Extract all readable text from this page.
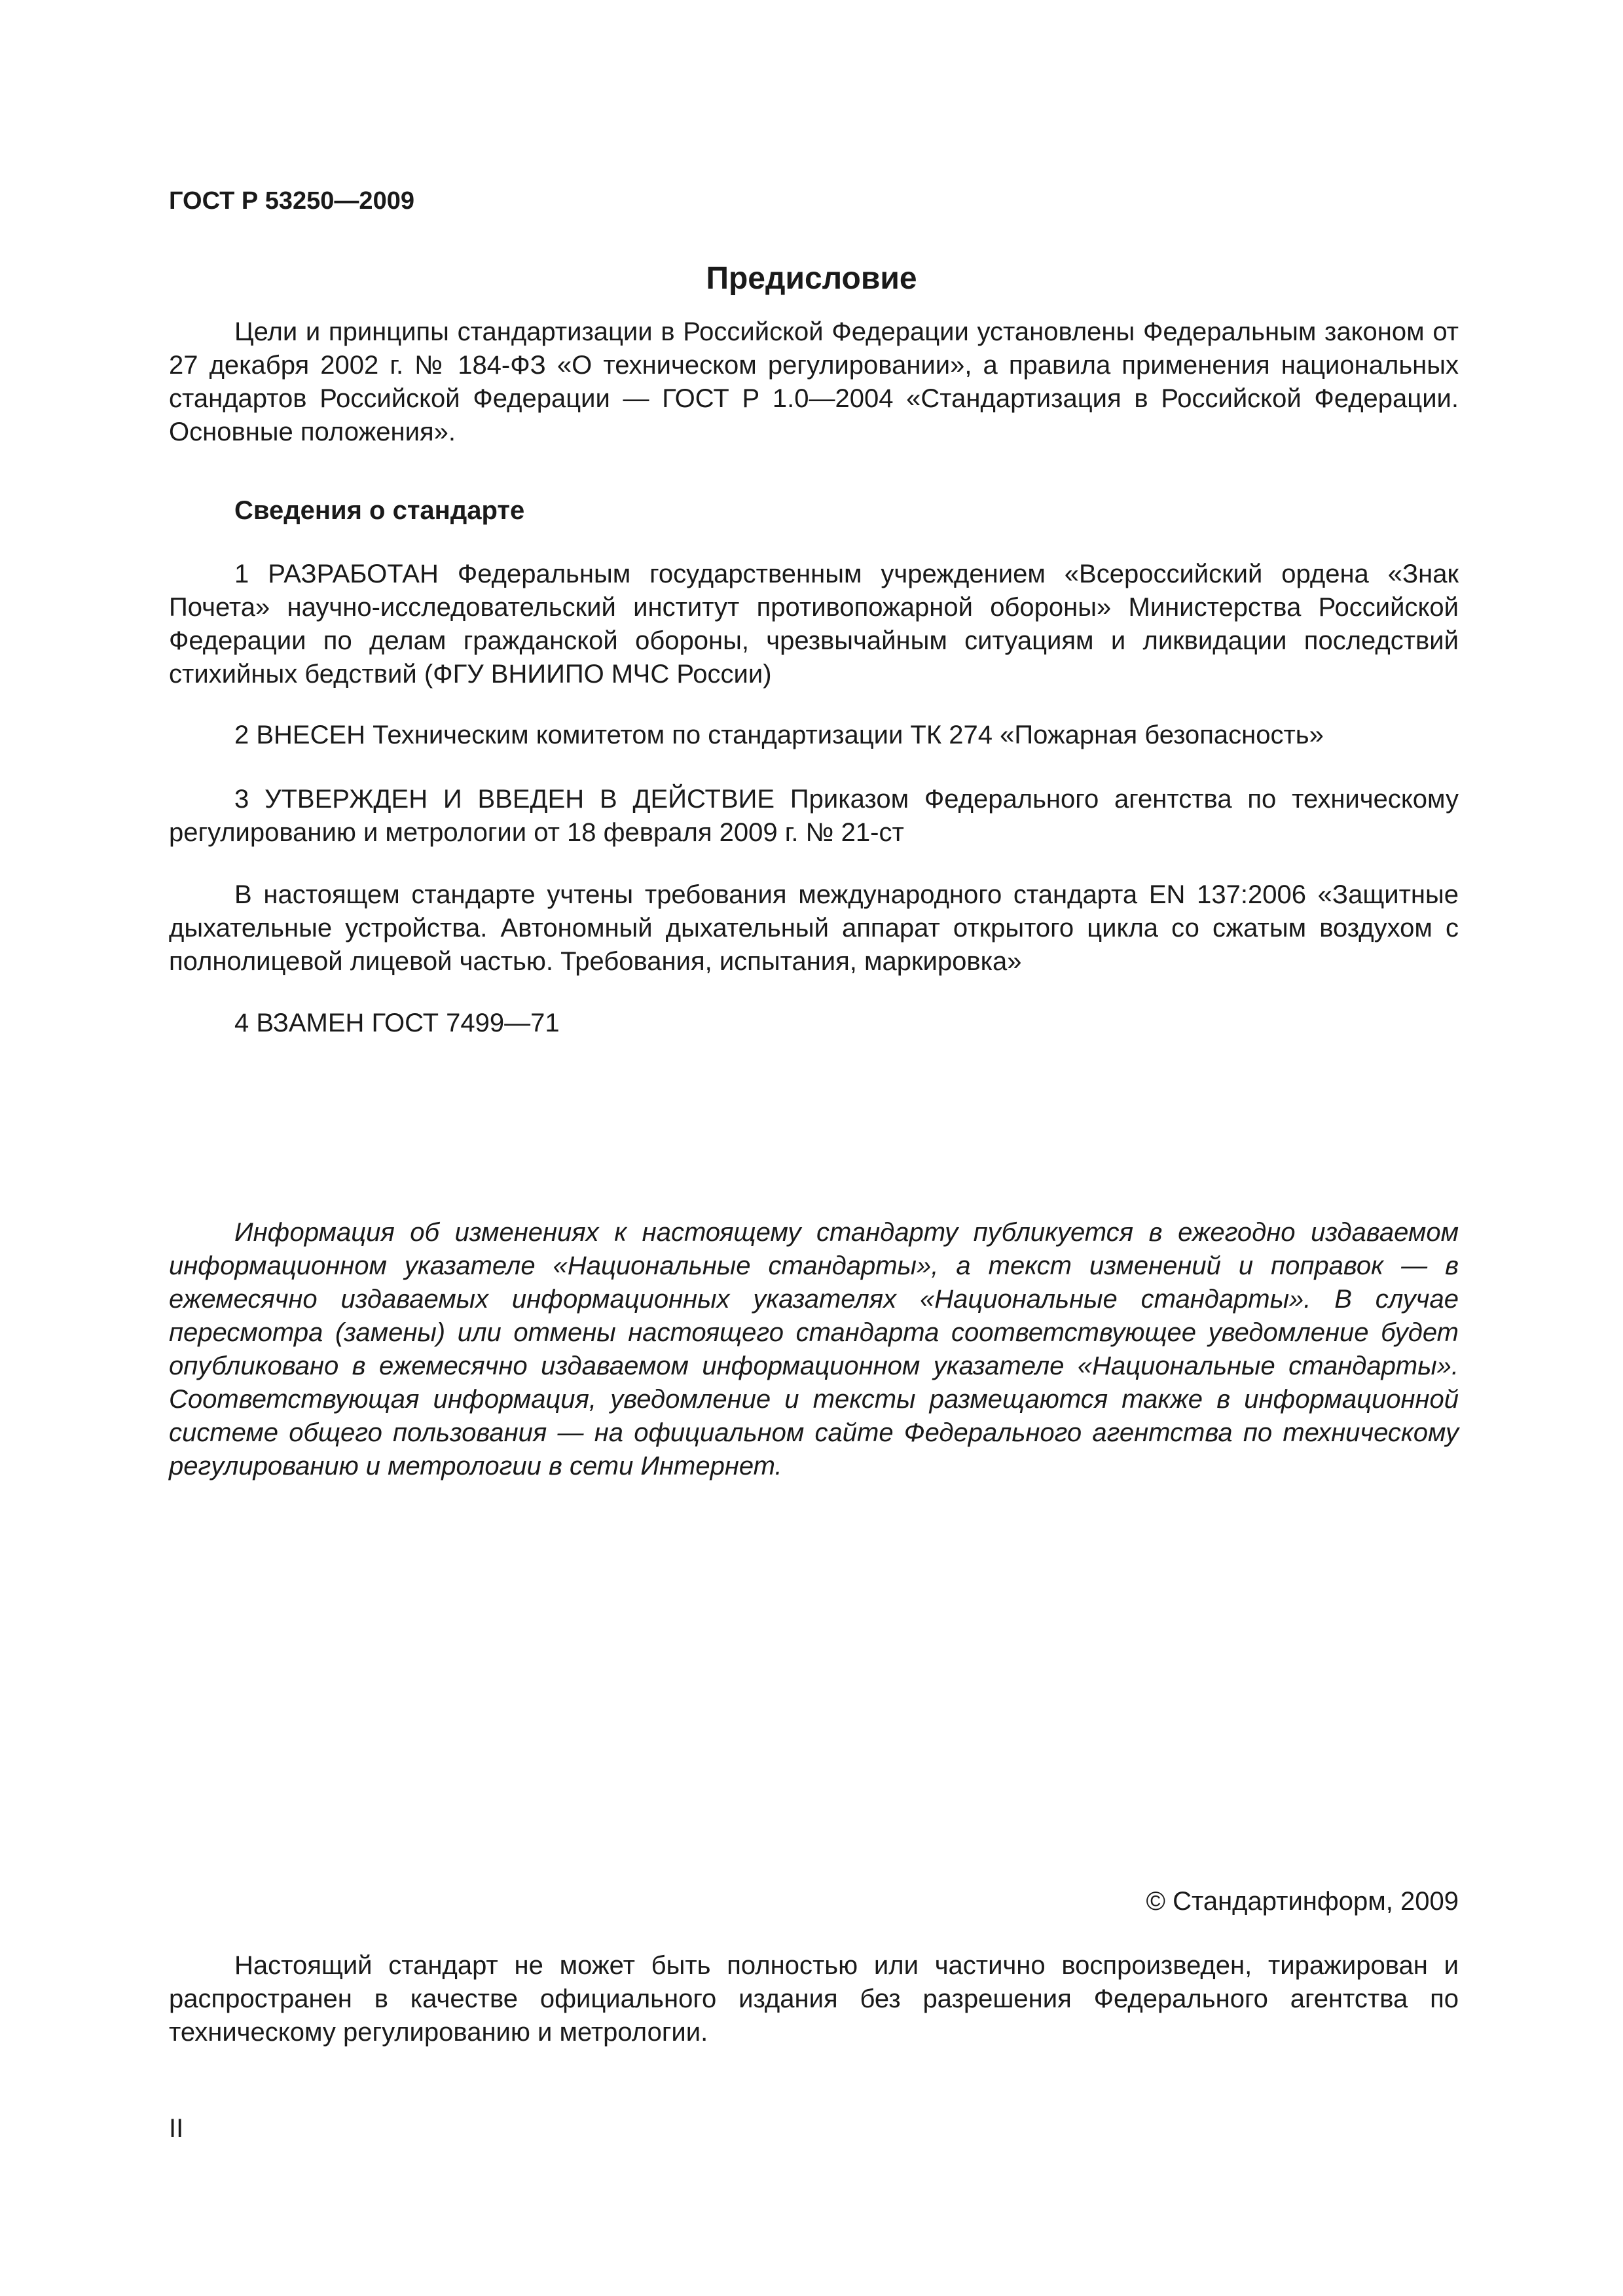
ГОСТ Р 53250—2009
Предисловие

Цели и принципы стандартизации в Российской Федерации установлены Федеральным законом от 27 декабря 2002 г. № 184-ФЗ «О техническом регулировании», а правила применения национальных стандартов Российской Федерации — ГОСТ Р 1.0—2004 «Стандартизация в Российской Федерации. Основные положения».

Сведения о стандарте

1 РАЗРАБОТАН Федеральным государственным учреждением «Всероссийский ордена «Знак Почета» научно-исследовательский институт противопожарной обороны» Министерства Российской Федерации по делам гражданской обороны, чрезвычайным ситуациям и ликвидации последствий стихийных бедствий (ФГУ ВНИИПО МЧС России)

2 ВНЕСЕН Техническим комитетом по стандартизации ТК 274 «Пожарная безопасность»

3 УТВЕРЖДЕН И ВВЕДЕН В ДЕЙСТВИЕ Приказом Федерального агентства по техническому регулированию и метрологии от 18 февраля 2009 г. № 21-ст

В настоящем стандарте учтены требования международного стандарта EN 137:2006 «Защитные дыхательные устройства. Автономный дыхательный аппарат открытого цикла со сжатым воздухом с полнолицевой лицевой частью. Требования, испытания, маркировка»

4 ВЗАМЕН ГОСТ 7499—71

Информация об изменениях к настоящему стандарту публикуется в ежегодно издаваемом информационном указателе «Национальные стандарты», а текст изменений и поправок — в ежемесячно издаваемых информационных указателях «Национальные стандарты». В случае пересмотра (замены) или отмены настоящего стандарта соответствующее уведомление будет опубликовано в ежемесячно издаваемом информационном указателе «Национальные стандарты». Соответствующая информация, уведомление и тексты размещаются также в информационной системе общего пользования — на официальном сайте Федерального агентства по техническому регулированию и метрологии в сети Интернет.

© Стандартинформ, 2009

Настоящий стандарт не может быть полностью или частично воспроизведен, тиражирован и распространен в качестве официального издания без разрешения Федерального агентства по техническому регулированию и метрологии.

II
